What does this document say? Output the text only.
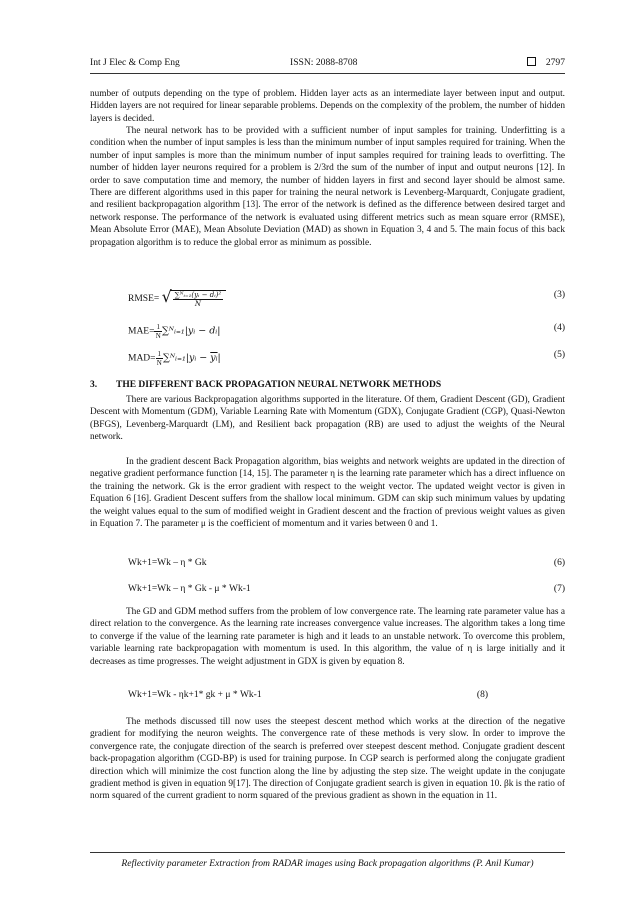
Int J Elec & Comp Eng	ISSN: 2088-8708	2797

number of outputs depending on the type of problem. Hidden layer acts as an intermediate layer between input and output. Hidden layers are not required for linear separable problems. Depends on the complexity of the problem, the number of hidden layers is decided.

The neural network has to be provided with a sufficient number of input samples for training. Underfitting is a condition when the number of input samples is less than the minimum number of input samples required for training. When the number of input samples is more than the minimum number of input samples required for training leads to overfitting. The number of hidden layer neurons required for a problem is 2/3rd the sum of the number of input and output neurons [12]. In order to save computation time and memory, the number of hidden layers in first and second layer should be almost same. There are different algorithms used in this paper for training the neural network is Levenberg-Marquardt, Conjugate gradient, and resilient backpropagation algorithm [13]. The error of the network is defined as the difference between desired target and network response. The performance of the network is evaluated using different metrics such as mean square error (RMSE), Mean Absolute Error (MAE), Mean Absolute Deviation (MAD) as shown in Equation 3, 4 and 5. The main focus of this back propagation algorithm is to reduce the global error as minimum as possible.

RMSE= √ $\frac{\text{∑ᴺᵢ₌₁(yᵢ − dᵢ)²}}{N}$	(3)
$MAE= \frac{1}{N}$ ∑ᴺᵢ₌₁|yᵢ − dᵢ|	(4)
$MAD= \frac{1}{N}$ ∑ᴺᵢ₌₁|yᵢ − $\overline{yᵢ}|$	(5)
3. THE DIFFERENT BACK PROPAGATION NEURAL NETWORK METHODS

There are various Backpropagation algorithms supported in the literature. Of them, Gradient Descent (GD), Gradient Descent with Momentum (GDM), Variable Learning Rate with Momentum (GDX), Conjugate Gradient (CGP), Quasi-Newton (BFGS), Levenberg-Marquardt (LM), and Resilient back propagation (RB) are used to adjust the weights of the Neural network.

In the gradient descent Back Propagation algorithm, bias weights and network weights are updated in the direction of negative gradient performance function [14, 15]. The parameter η is the learning rate parameter which has a direct influence on the training the network. Gk is the error gradient with respect to the weight vector. The updated weight vector is given in Equation 6 [16]. Gradient Descent suffers from the shallow local minimum. GDM can skip such minimum values by updating the weight values equal to the sum of modified weight in Gradient descent and the fraction of previous weight values as given in Equation 7. The parameter μ is the coefficient of momentum and it varies between 0 and 1.

Wk+1=Wk – η * Gk	(6)
Wk+1=Wk – η * Gk - μ * Wk-1	(7)

The GD and GDM method suffers from the problem of low convergence rate. The learning rate parameter value has a direct relation to the convergence. As the learning rate increases convergence value increases. The algorithm takes a long time to converge if the value of the learning rate parameter is high and it leads to an unstable network. To overcome this problem, variable learning rate backpropagation with momentum is used. In this algorithm, the value of η is large initially and it decreases as time progresses. The weight adjustment in GDX is given by equation 8.

Wk+1=Wk - ηk+1* gk + μ * Wk-1	(8)

The methods discussed till now uses the steepest descent method which works at the direction of the negative gradient for modifying the neuron weights. The convergence rate of these methods is very slow. In order to improve the convergence rate, the conjugate direction of the search is preferred over steepest descent method. Conjugate gradient descent back-propagation algorithm (CGD-BP) is used for training purpose. In CGP search is performed along the conjugate gradient direction which will minimize the cost function along the line by adjusting the step size. The weight update in the conjugate gradient method is given in equation 9[17]. The direction of Conjugate gradient search is given in equation 10. βk is the ratio of norm squared of the current gradient to norm squared of the previous gradient as shown in the equation in 11.

Reflectivity parameter Extraction from RADAR images using Back propagation algorithms (P. Anil Kumar)
